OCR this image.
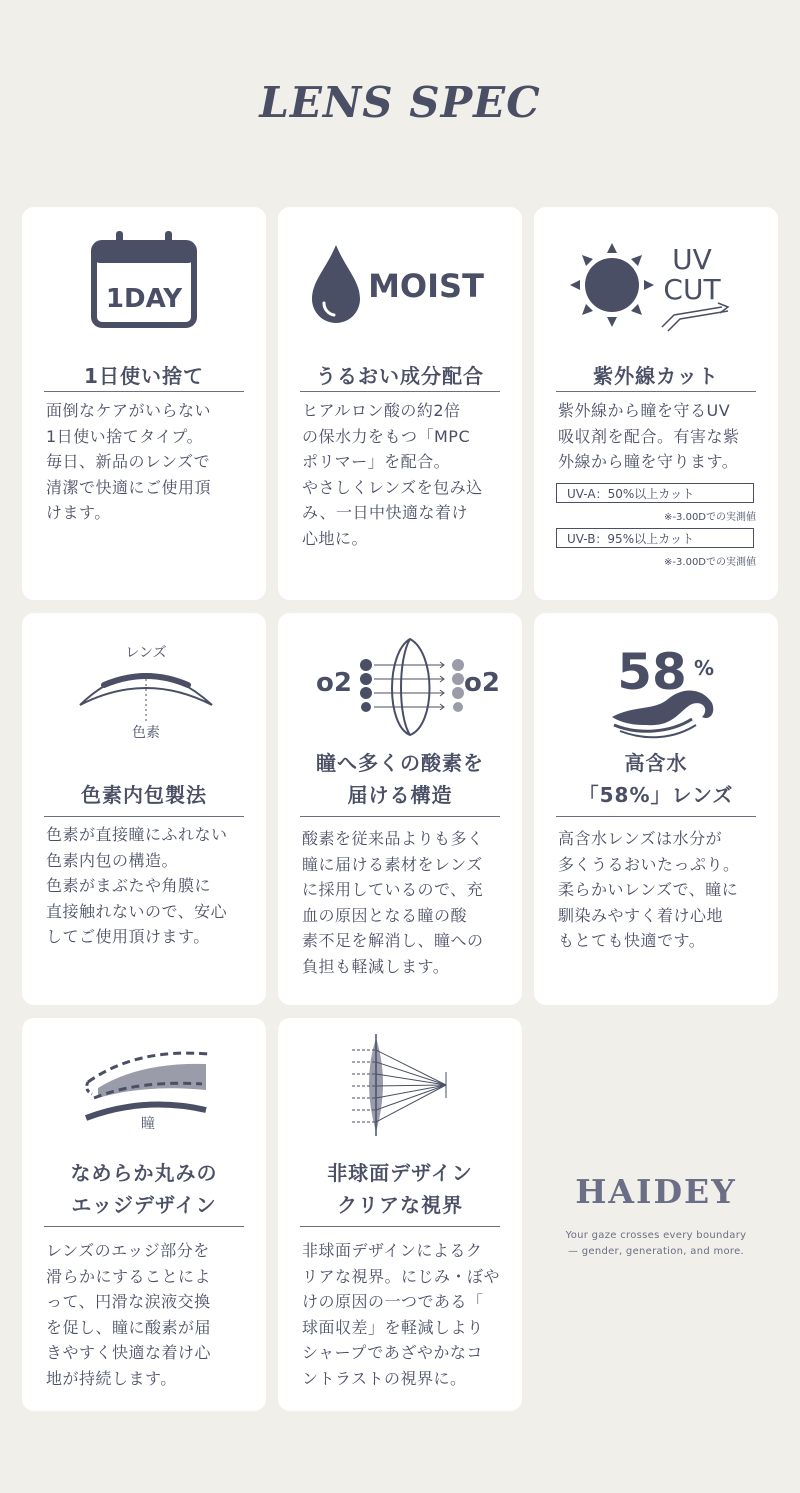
LENS SPEC
1DAY
1日使い捨て
面倒なケアがいらない
1日使い捨てタイプ。
毎日、新品のレンズで
清潔で快適にご使用頂
けます。
MOIST
うるおい成分配合
ヒアルロン酸の約2倍
の保水力をもつ「MPC
ポリマー」を配合。
やさしくレンズを包み込
み、一日中快適な着け
心地に。
UV
CUT
紫外線カット
紫外線から瞳を守るUV
吸収剤を配合。有害な紫
外線から瞳を守ります。
UV-A：50%以上カット
※-3.00Dでの実測値
UV-B：95%以上カット
※-3.00Dでの実測値
レンズ
色素
色素内包製法
色素が直接瞳にふれない
色素内包の構造。
色素がまぶたや角膜に
直接触れないので、安心
してご使用頂けます。
o2	o2
瞳へ多くの酸素を
届ける構造
酸素を従来品よりも多く
瞳に届ける素材をレンズ
に採用しているので、充
血の原因となる瞳の酸
素不足を解消し、瞳への
負担も軽減します。
58 %
高含水
「58%」レンズ
高含水レンズは水分が
多くうるおいたっぷり。
柔らかいレンズで、瞳に
馴染みやすく着け心地
もとても快適です。
瞳
なめらか丸みの
エッジデザイン
レンズのエッジ部分を
滑らかにすることによ
って、円滑な涙液交換
を促し、瞳に酸素が届
きやすく快適な着け心
地が持続します。
非球面デザイン
クリアな視界
非球面デザインによるク
リアな視界。にじみ・ぼや
けの原因の一つである「
球面収差」を軽減しより
シャープであざやかなコ
ントラストの視界に。
HAIDEY
Your gaze crosses every boundary
— gender, generation, and more.
